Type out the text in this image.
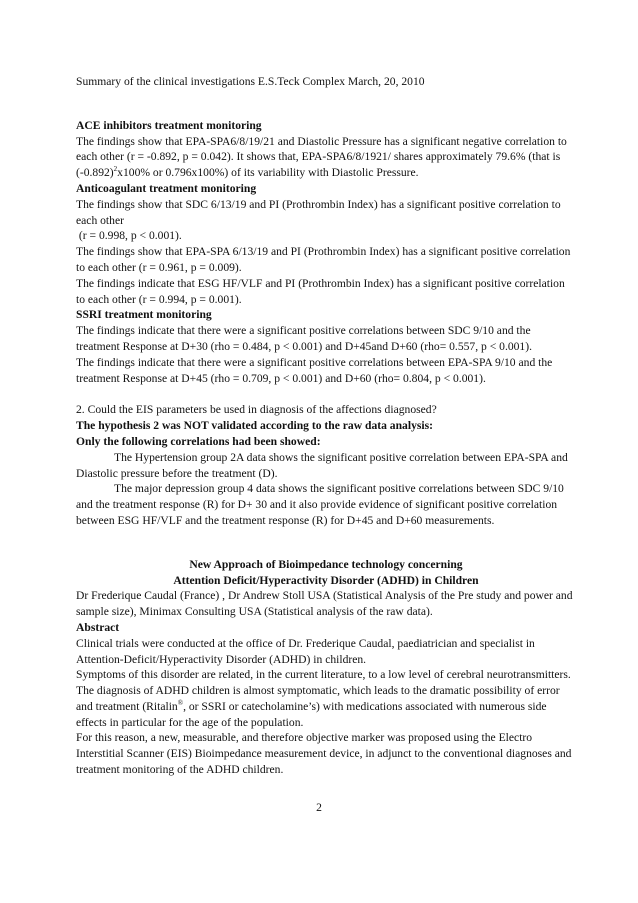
Summary of the clinical investigations E.S.Teck Complex March, 20, 2010

ACE inhibitors treatment monitoring

The findings show that EPA-SPA6/8/19/21 and Diastolic Pressure has a significant negative correlation to each other (r = -0.892, p = 0.042). It shows that, EPA-SPA6/8/1921/ shares approximately 79.6% (that is $(-0.892)^2x100\%$ or 0.796x100%) of its variability with Diastolic Pressure.

Anticoagulant treatment monitoring

The findings show that SDC 6/13/19 and PI (Prothrombin Index) has a significant positive correlation to each other

(r = 0.998, p < 0.001).

The findings show that EPA-SPA 6/13/19 and PI (Prothrombin Index) has a significant positive correlation to each other (r = 0.961, p = 0.009).

The findings indicate that ESG HF/VLF and PI (Prothrombin Index) has a significant positive correlation to each other (r = 0.994, p = 0.001).

SSRI treatment monitoring

The findings indicate that there were a significant positive correlations between SDC 9/10 and the treatment Response at D+30 (rho = 0.484, p < 0.001) and D+45and D+60 (rho= 0.557, p < 0.001).

The findings indicate that there were a significant positive correlations between EPA-SPA 9/10 and the treatment Response at D+45 (rho = 0.709, p < 0.001) and D+60 (rho= 0.804, p < 0.001).

2. Could the EIS parameters be used in diagnosis of the affections diagnosed?

The hypothesis 2 was NOT validated according to the raw data analysis:

Only the following correlations had been showed:

The Hypertension group 2A data shows the significant positive correlation between EPA-SPA and Diastolic pressure before the treatment (D).

The major depression group 4 data shows the significant positive correlations between SDC 9/10 and the treatment response (R) for D+ 30 and it also provide evidence of significant positive correlation between ESG HF/VLF and the treatment response (R) for D+45 and D+60 measurements.

New Approach of Bioimpedance technology concerning

Attention Deficit/Hyperactivity Disorder (ADHD) in Children

Dr Frederique Caudal (France) , Dr Andrew Stoll USA (Statistical Analysis of the Pre study and power and sample size), Minimax Consulting USA (Statistical analysis of the raw data).

Abstract

Clinical trials were conducted at the office of Dr. Frederique Caudal, paediatrician and specialist in Attention-Deficit/Hyperactivity Disorder (ADHD) in children.

Symptoms of this disorder are related, in the current literature, to a low level of cerebral neurotransmitters.

The diagnosis of ADHD children is almost symptomatic, which leads to the dramatic possibility of error and treatment (Ritalin®, or SSRI or catecholamine’s) with medications associated with numerous side effects in particular for the age of the population.

For this reason, a new, measurable, and therefore objective marker was proposed using the Electro Interstitial Scanner (EIS) Bioimpedance measurement device, in adjunct to the conventional diagnoses and treatment monitoring of the ADHD children.

2
